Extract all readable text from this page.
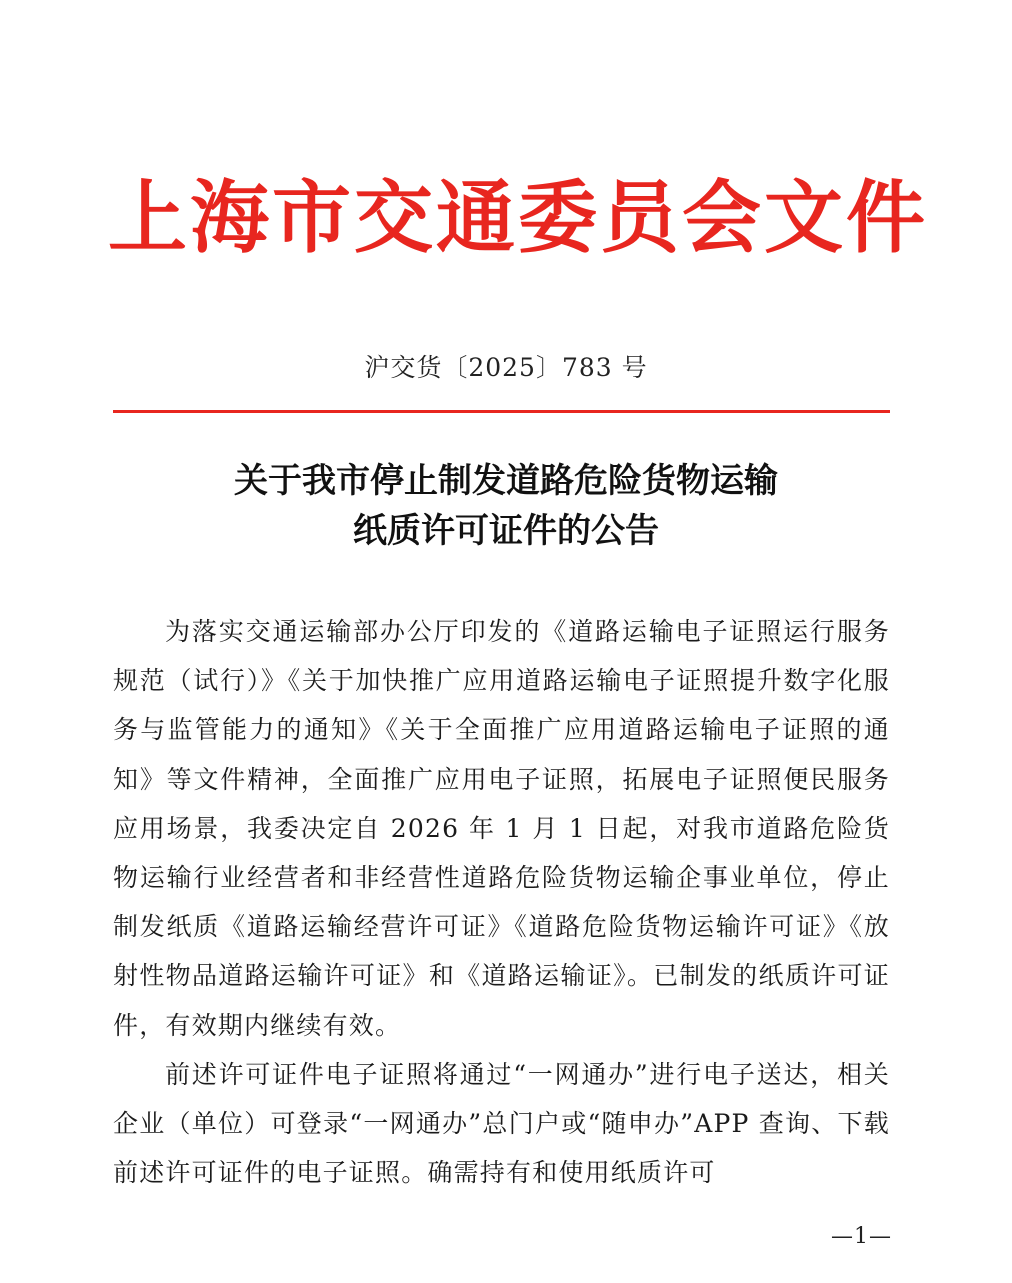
上海市交通委员会文件
沪交货〔2025〕783 号
关于我市停止制发道路危险货物运输
纸质许可证件的公告

为落实交通运输部办公厅印发的《道路运输电子证照运行服务规范（试行）》《关于加快推广应用道路运输电子证照提升数字化服务与监管能力的通知》《关于全面推广应用道路运输电子证照的通知》等文件精神，全面推广应用电子证照，拓展电子证照便民服务应用场景，我委决定自 2026 年 1 月 1 日起，对我市道路危险货物运输行业经营者和非经营性道路危险货物运输企事业单位，停止制发纸质《道路运输经营许可证》《道路危险货物运输许可证》《放射性物品道路运输许可证》和《道路运输证》。已制发的纸质许可证件，有效期内继续有效。

前述许可证件电子证照将通过“一网通办”进行电子送达，相关企业（单位）可登录“一网通办”总门户或“随申办”APP 查询、下载前述许可证件的电子证照。确需持有和使用纸质许可

—1—
